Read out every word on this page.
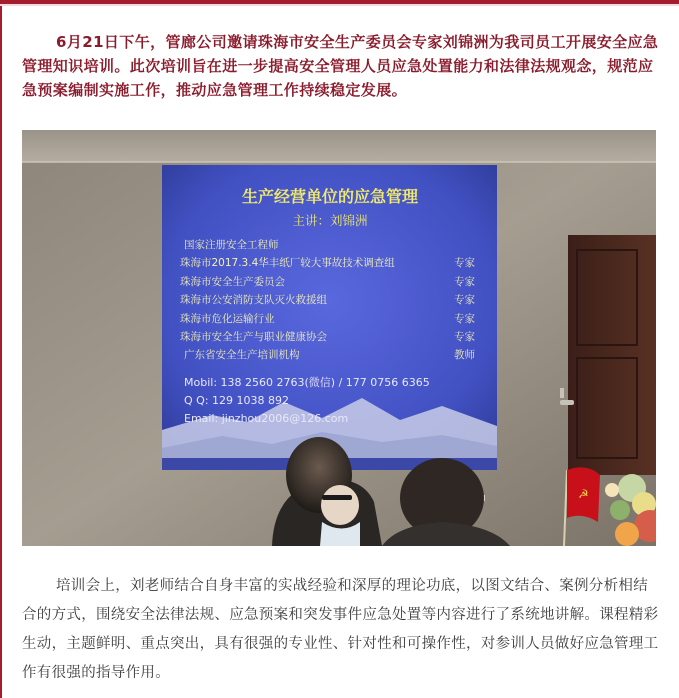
6月21日下午，管廊公司邀请珠海市安全生产委员会专家刘锦洲为我司员工开展安全应急管理知识培训。此次培训旨在进一步提高安全管理人员应急处置能力和法律法规观念，规范应急预案编制实施工作，推动应急管理工作持续稳定发展。

生产经营单位的应急管理
主讲：刘锦洲
国家注册安全工程师
珠海市2017.3.4华丰纸厂较大事故技术调查组	专家
珠海市安全生产委员会	专家
珠海市公安消防支队灭火救援组	专家
珠海市危化运输行业	专家
珠海市安全生产与职业健康协会	专家
广东省安全生产培训机构	教师
Mobil: 138 2560 2763(微信) / 177 0756 6365
Q Q: 129 1038 892
Email: jinzhou2006@126.com
☭

培训会上，刘老师结合自身丰富的实战经验和深厚的理论功底，以图文结合、案例分析相结合的方式，围绕安全法律法规、应急预案和突发事件应急处置等内容进行了系统地讲解。课程精彩生动，主题鲜明、重点突出，具有很强的专业性、针对性和可操作性，对参训人员做好应急管理工作有很强的指导作用。
